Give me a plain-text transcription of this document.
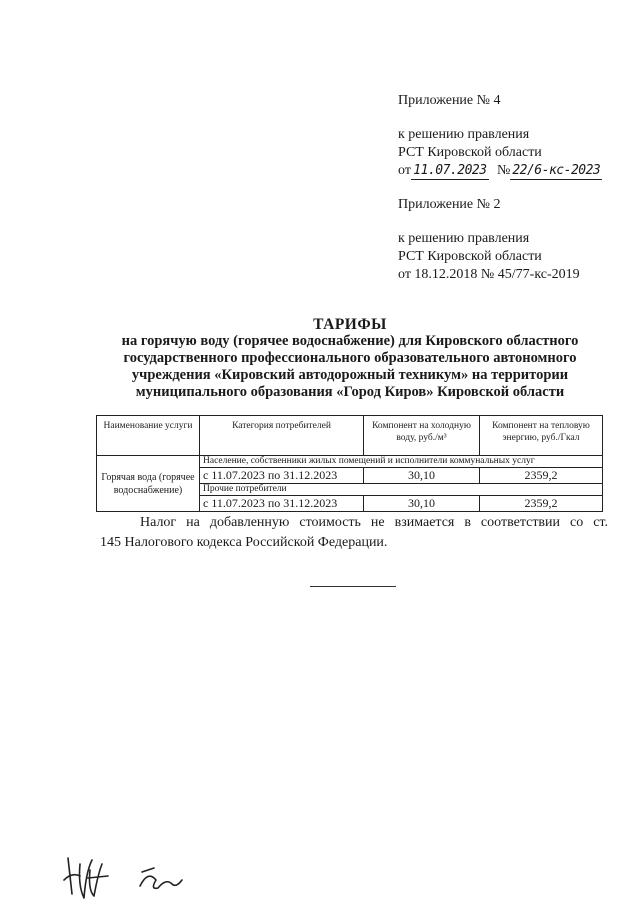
Приложение № 4
к решению правления
РСТ Кировской области
от 11.07.2023 № 22/6-кс-2023
Приложение № 2
к решению правления
РСТ Кировской области
от 18.12.2018 № 45/77-кс-2019
ТАРИФЫ
на горячую воду (горячее водоснабжение) для Кировского областного
государственного профессионального образовательного автономного
учреждения «Кировский автодорожный техникум» на территории
муниципального образования «Город Киров» Кировской области
Наименование услуги	Категория потребителей	Компонент на холодную воду, руб./м³	Компонент на тепловую энергию, руб./Гкал
Горячая вода (горячее водоснабжение)	Население, собственники жилых помещений и исполнители коммунальных услуг		
	с 11.07.2023 по 31.12.2023	30,10	2359,2
	Прочие потребители		
	с 11.07.2023 по 31.12.2023	30,10	2359,2
Налог на добавленную стоимость не взимается в соответствии со ст.
145 Налогового кодекса Российской Федерации.
